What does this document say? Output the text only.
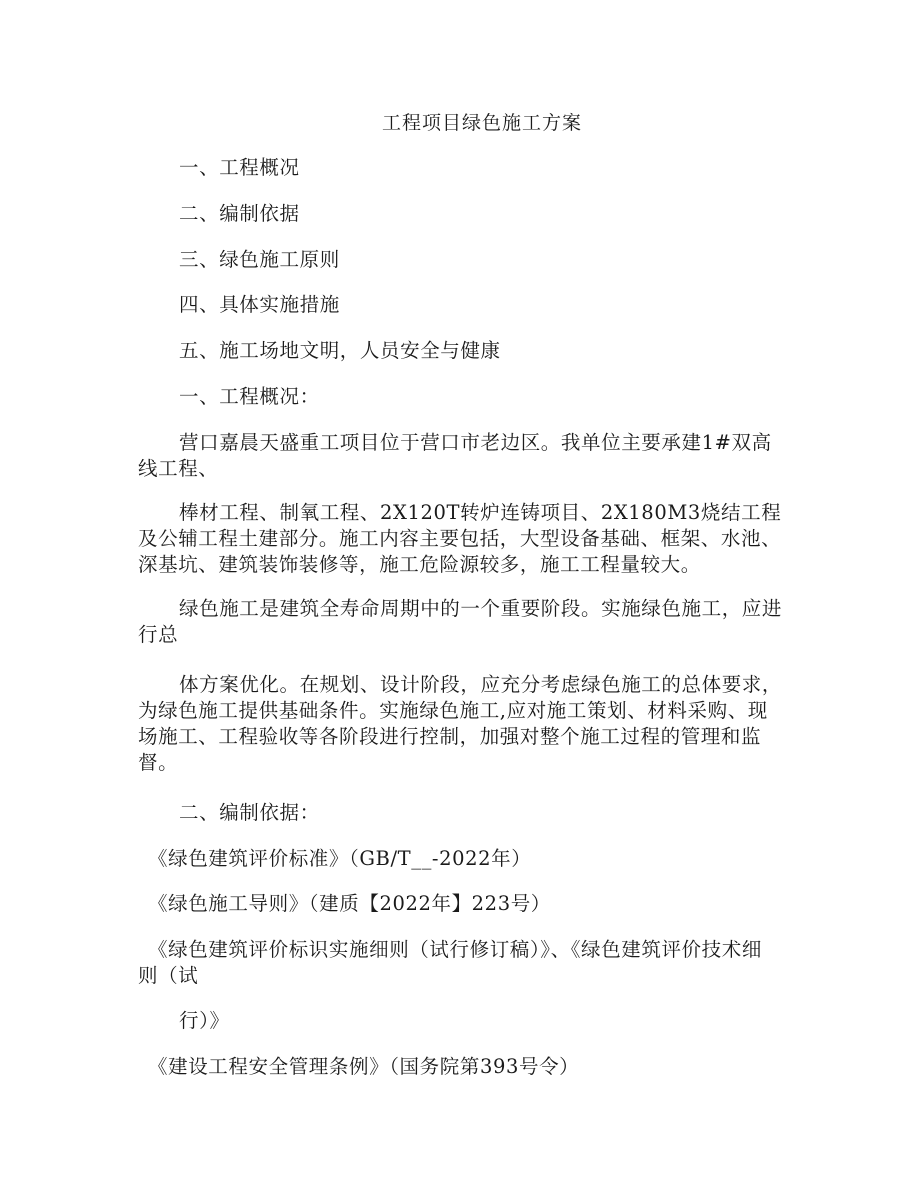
工程项目绿色施工方案
一、工程概况
二、编制依据
三、绿色施工原则
四、具体实施措施
五、施工场地文明，人员安全与健康
一、工程概况：
营口嘉晨天盛重工项目位于营口市老边区。我单位主要承建1#双高线工程、
棒材工程、制氧工程、2X120T转炉连铸项目、2X180M3烧结工程及公辅工程土建部分。施工内容主要包括，大型设备基础、框架、水池、深基坑、建筑装饰装修等，施工危险源较多，施工工程量较大。
绿色施工是建筑全寿命周期中的一个重要阶段。实施绿色施工，应进行总
体方案优化。在规划、设计阶段，应充分考虑绿色施工的总体要求，为绿色施工提供基础条件。实施绿色施工,应对施工策划、材料采购、现场施工、工程验收等各阶段进行控制，加强对整个施工过程的管理和监督。
二、编制依据：
《绿色建筑评价标准》（GB/T__-2022年）
《绿色施工导则》（建质【2022年】223号）
《绿色建筑评价标识实施细则（试行修订稿）》、《绿色建筑评价技术细则（试
行）》
《建设工程安全管理条例》（国务院第393号令）
